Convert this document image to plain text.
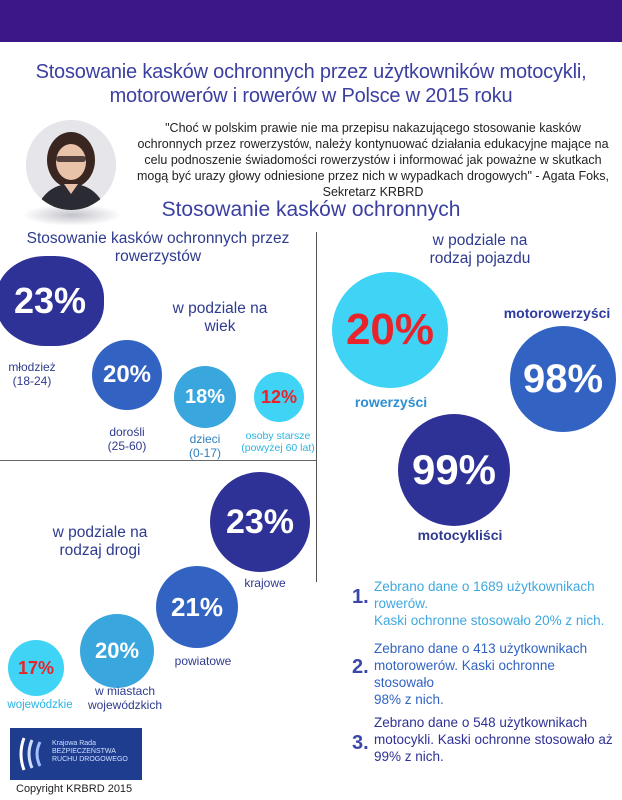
Stosowanie kasków ochronnych przez użytkowników motocykli,
motorowerów i rowerów w Polsce w 2015 roku
"Choć w polskim prawie nie ma przepisu nakazującego stosowanie kasków ochronnych przez rowerzystów, należy kontynuować działania edukacyjne mające na celu podnoszenie świadomości rowerzystów i informować jak poważne w skutkach mogą być urazy głowy odniesione przez nich w wypadkach drogowych" - Agata Foks, Sekretarz KRBRD
Stosowanie kasków ochronnych
Stosowanie kasków ochronnych przez
rowerzystów
23%
młodzież
(18-24)
w podziale na
wiek
20%
dorośli
(25-60)
18%
dzieci
(0-17)
12%
osoby starsze
(powyżej 60 lat)
w podziale na
rodzaj pojazdu
20%
rowerzyści
motorowerzyści
98%
99%
motocykliści
w podziale na
rodzaj drogi
23%
krajowe
21%
powiatowe
20%
w miastach
wojewódzkich
17%
wojewódzkie
1. Zebrano dane o 1689 użytkownikach rowerów.
Kaski ochronne stosowało 20% z nich.
2.
Zebrano dane o 413 użytkownikach
motorowerów. Kaski ochronne stosowało
98% z nich.
3.
Zebrano dane o 548 użytkownikach
motocykli. Kaski ochronne stosowało aż
99% z nich.
Krajowa Rada
BEZPIECZEŃSTWA
RUCHU DROGOWEGO
Copyright KRBRD 2015
